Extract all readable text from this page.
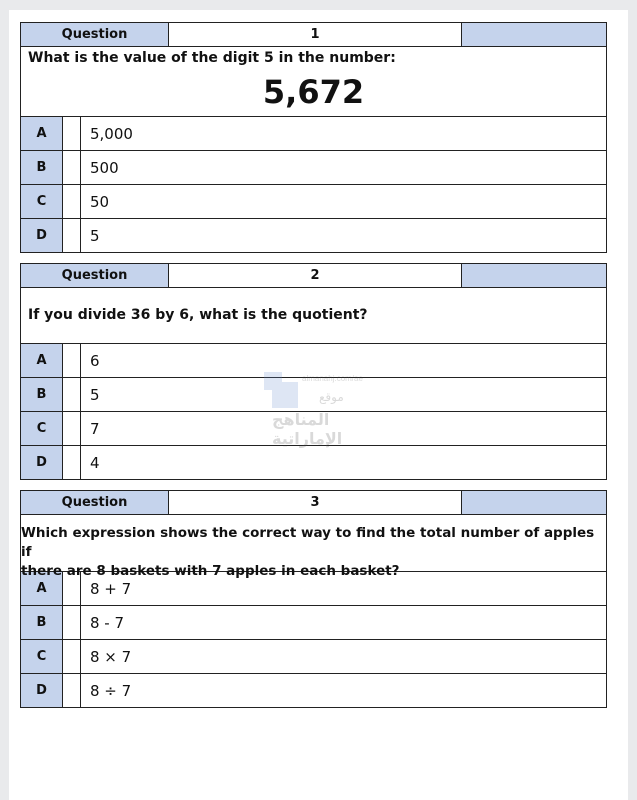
Question	1
What is the value of the digit 5 in the number:
5,672
A	5,000
B	500
C	50
D	5
Question	2
If you divide 36 by 6, what is the quotient?
A	6
B	5
C	7
D	4
Question	3
Which expression shows the correct way to find the total number of apples if
there are 8 baskets with 7 apples in each basket?
A	8 + 7
B	8 - 7
C	8 × 7
D	8 ÷ 7
almanahj.com/ae
موقع
المناهج الإماراتية
